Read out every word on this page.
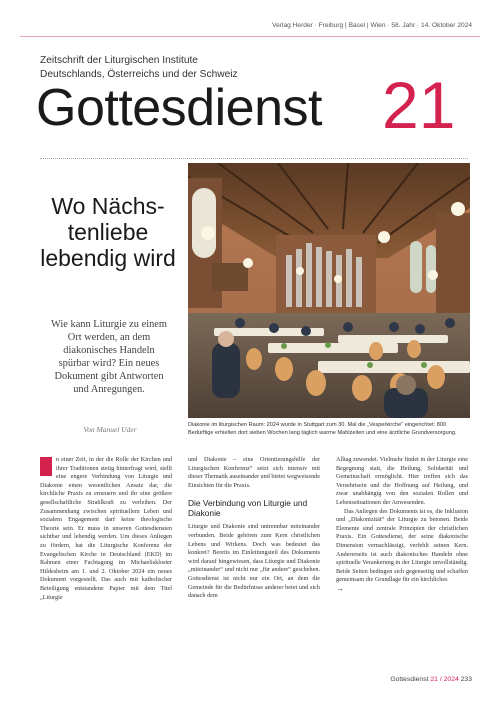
Verlag Herder · Freiburg | Basel | Wien · 58. Jahr · 14. Oktober 2024
Zeitschrift der Liturgischen Institute
Deutschlands, Österreichs und der Schweiz
Gottesdienst 21
Wo Nächs-tenliebe lebendig wird
Wie kann Liturgie zu einem Ort werden, an dem diakonisches Handeln spürbar wird? Ein neues Dokument gibt Antworten und Anregungen.
Von Manuel Uder	Diakonie im liturgischen Raum: 2024 wurde in Stuttgart zum 30. Mal die „Vesperkirche“ eingerichtet: 800 Bedürftige erhielten dort sieben Wochen lang täglich warme Mahlzeiten und eine ärztliche Grundversorgung.
n einer Zeit, in der die Rolle der Kirchen und ihrer Traditionen stetig hinterfragt wird, stellt eine engere Verbindung von Liturgie und Diakonie einen wesentlichen Ansatz dar, die kirchliche Praxis zu erneuern und ihr eine größere gesellschaftliche Strahlkraft zu verleihen. Der Zusammenhang zwischen spirituellem Leben und sozialem Engagement darf keine theologische Theorie sein. Er muss in unseren Gottesdiensten sichtbar und lebendig werden. Um dieses Anliegen zu fördern, hat die Liturgische Konferenz der Evangelischen Kirche in Deutschland (EKD) im Rahmen einer Fachtagung im Michaeliskloster Hildesheim am 1. und 2. Oktober 2024 ein neues Dokument vorgestellt. Das auch mit katholischer Beteiligung entstandene Papier mit dem Titel „Liturgie
und Diakonie – eine Orientierungshilfe der Liturgischen Konferenz“ setzt sich intensiv mit dieser Thematik auseinander und bietet wegweisende Einsichten für die Praxis.
Die Verbindung von Liturgie und Diakonie
Liturgie und Diakonie sind untrennbar miteinander verbunden. Beide gehören zum Kern christlichen Lebens und Wirkens. Doch was bedeutet das konkret? Bereits im Einleitungsteil des Dokuments wird darauf hingewiesen, dass Liturgie und Diakonie „miteinander“ und nicht nur „für andere“ geschehen. Gottesdienst ist nicht nur ein Ort, an dem die Gemeinde für die Bedürfnisse anderer betet und sich danach dem
Alltag zuwendet. Vielmehr findet in der Liturgie eine Begegnung statt, die Heilung, Solidarität und Gemeinschaft ermöglicht. Hier treffen sich das Versehrtsein und die Hoffnung auf Heilung, und zwar unabhängig von den sozialen Rollen und Lebenssituationen der Anwesenden.
Das Anliegen des Dokuments ist es, die Inklusion und „Diakonizität“ der Liturgie zu betonen. Beide Elemente sind zentrale Prinzipien der christlichen Praxis. Ein Gottesdienst, der seine diakonische Dimension vernachlässigt, verfehlt seinen Kern. Andererseits ist auch diakonisches Handeln ohne spirituelle Verankerung in der Liturgie unvollständig. Beide Seiten bedingen sich gegenseitig und schaffen gemeinsam die Grundlage für ein kirchliches
→
Gottesdienst 21 / 2024 233
